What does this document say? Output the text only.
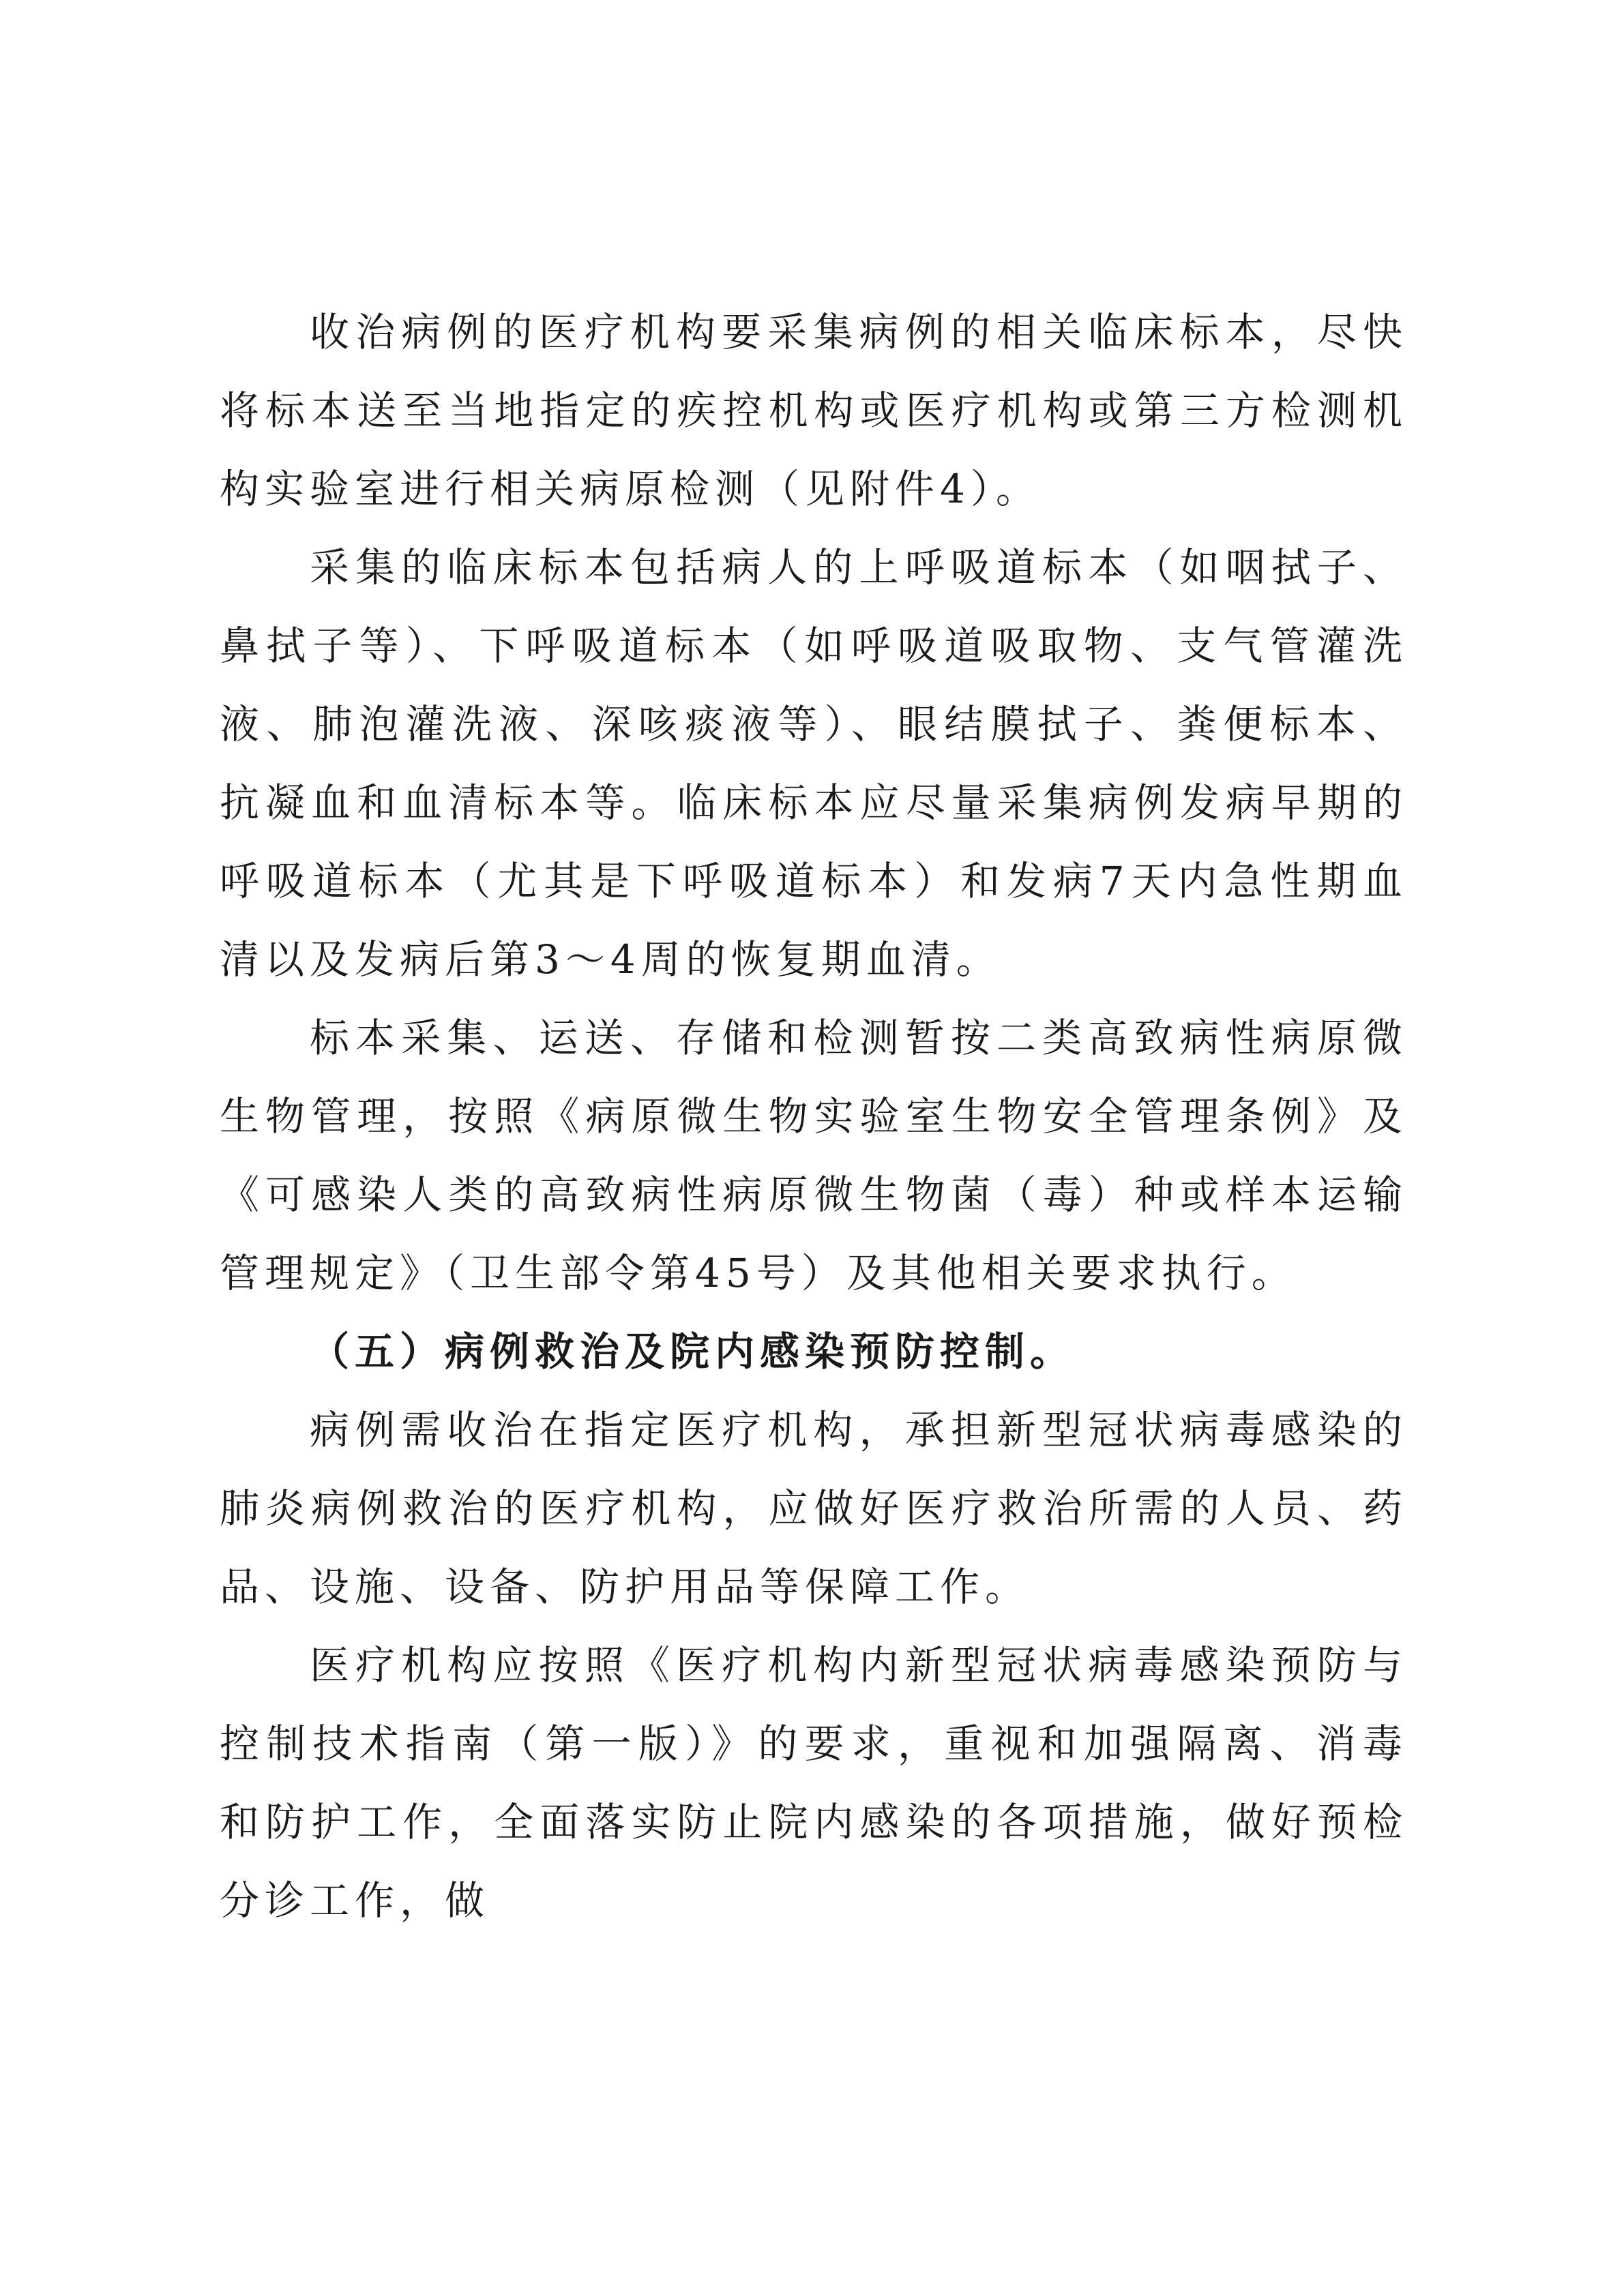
收治病例的医疗机构要采集病例的相关临床标本，尽快将标本送至当地指定的疾控机构或医疗机构或第三方检测机构实验室进行相关病原检测（见附件4）。

采集的临床标本包括病人的上呼吸道标本（如咽拭子、鼻拭子等）、下呼吸道标本（如呼吸道吸取物、支气管灌洗液、肺泡灌洗液、深咳痰液等）、眼结膜拭子、粪便标本、抗凝血和血清标本等。临床标本应尽量采集病例发病早期的呼吸道标本（尤其是下呼吸道标本）和发病7天内急性期血清以及发病后第3～4周的恢复期血清。

标本采集、运送、存储和检测暂按二类高致病性病原微生物管理，按照《病原微生物实验室生物安全管理条例》及《可感染人类的高致病性病原微生物菌（毒）种或样本运输管理规定》（卫生部令第45号）及其他相关要求执行。

（五）病例救治及院内感染预防控制。

病例需收治在指定医疗机构，承担新型冠状病毒感染的肺炎病例救治的医疗机构，应做好医疗救治所需的人员、药品、设施、设备、防护用品等保障工作。

医疗机构应按照《医疗机构内新型冠状病毒感染预防与控制技术指南（第一版）》的要求，重视和加强隔离、消毒和防护工作，全面落实防止院内感染的各项措施，做好预检分诊工作，做
